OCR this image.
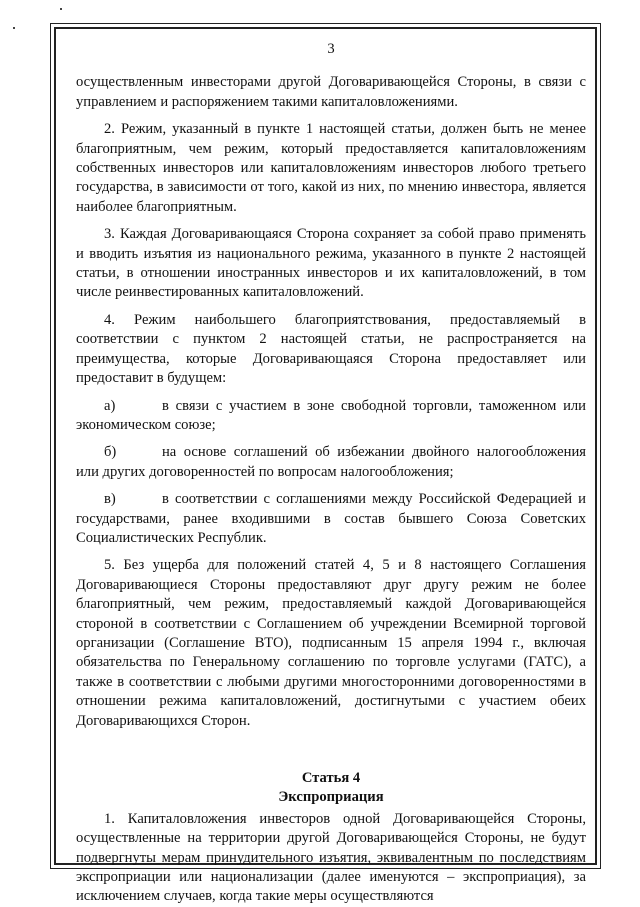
3

осуществленным инвесторами другой Договаривающейся Стороны, в связи с управлением и распоряжением такими капиталовложениями.

2. Режим, указанный в пункте 1 настоящей статьи, должен быть не менее благоприятным, чем режим, который предоставляется капиталовложениям собственных инвесторов или капиталовложениям инвесторов любого третьего государства, в зависимости от того, какой из них, по мнению инвестора, является наиболее благоприятным.

3. Каждая Договаривающаяся Сторона сохраняет за собой право применять и вводить изъятия из национального режима, указанного в пункте 2 настоящей статьи, в отношении иностранных инвесторов и их капиталовложений, в том числе реинвестированных капиталовложений.

4. Режим наибольшего благоприятствования, предоставляемый в соответствии с пунктом 2 настоящей статьи, не распространяется на преимущества, которые Договаривающаяся Сторона предоставляет или предоставит в будущем:

а)	в связи с участием в зоне свободной торговли, таможенном или экономическом союзе;
б)	на основе соглашений об избежании двойного налогообложения или других договоренностей по вопросам налогообложения;
в)	в соответствии с соглашениями между Российской Федерацией и государствами, ранее входившими в состав бывшего Союза Советских Социалистических Республик.

5. Без ущерба для положений статей 4, 5 и 8 настоящего Соглашения Договаривающиеся Стороны предоставляют друг другу режим не более благоприятный, чем режим, предоставляемый каждой Договаривающейся стороной в соответствии с Соглашением об учреждении Всемирной торговой организации (Соглашение ВТО), подписанным 15 апреля 1994 г., включая обязательства по Генеральному соглашению по торговле услугами (ГАТС), а также в соответствии с любыми другими многосторонними договоренностями в отношении режима капиталовложений, достигнутыми с участием обеих Договаривающихся Сторон.

Статья 4

Экспроприация

1. Капиталовложения инвесторов одной Договаривающейся Стороны, осуществленные на территории другой Договаривающейся Стороны, не будут подвергнуты мерам принудительного изъятия, эквивалентным по последствиям экспроприации или национализации (далее именуются – экспроприация), за исключением случаев, когда такие меры осуществляются
